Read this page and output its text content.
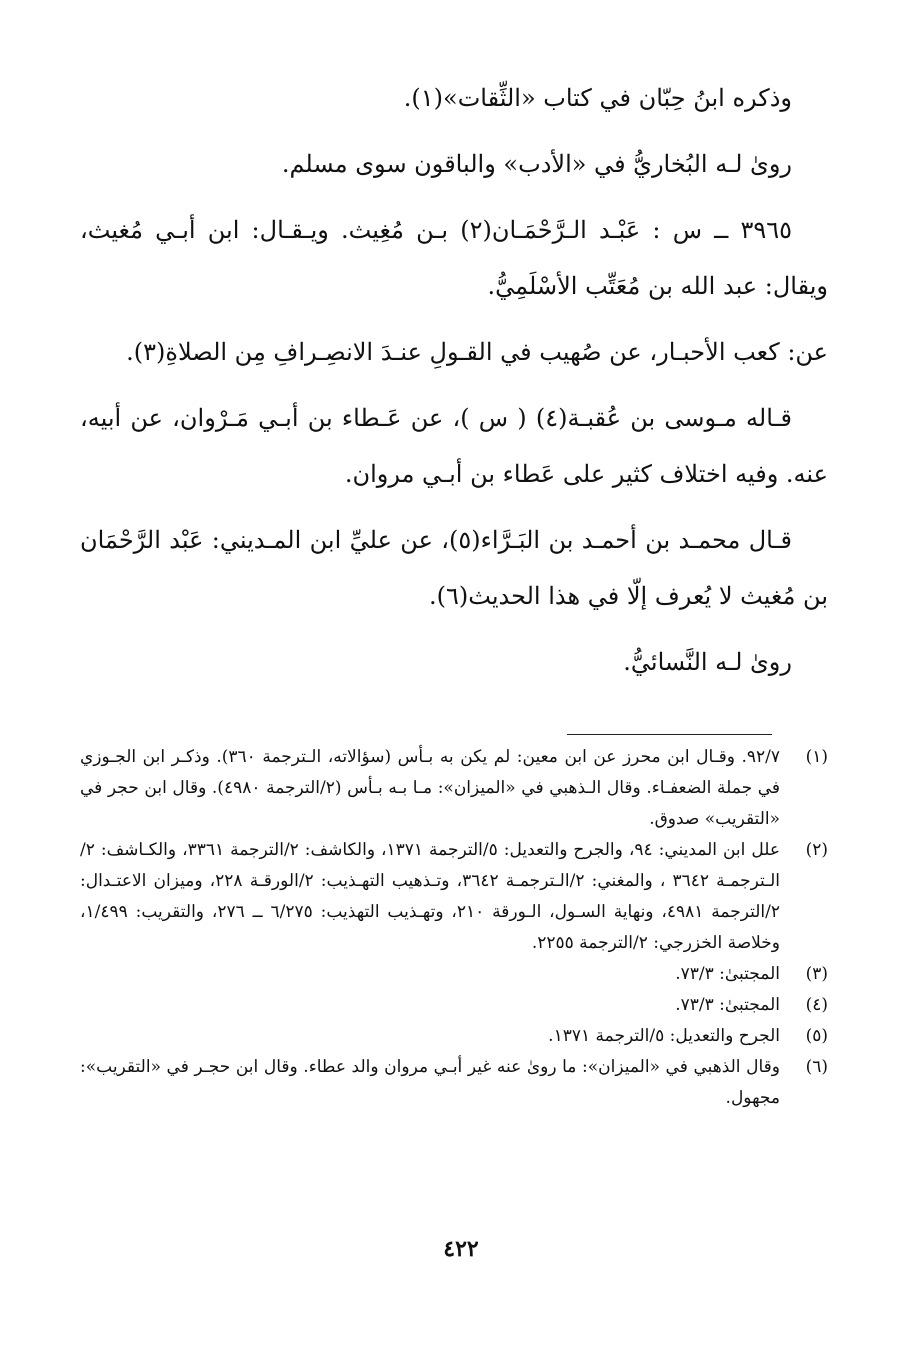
وذكره ابنُ حِبّان في كتاب «الثِّقات»(١).

روىٰ لـه البُخاريُّ في «الأدب» والباقون سوى مسلم.

٣٩٦٥ ــ س : عَبْـد الـرَّحْمَـان(٢) بـن مُغِيث. ويـقـال: ابن أبـي مُغيث، ويقال: عبد الله بن مُعَتِّب الأسْلَمِيُّ.

عن: كعب الأحبـار، عن صُهيب في القـولِ عنـدَ الانصِـرافِ مِن الصلاةِ(٣).

قـاله مـوسى بن عُقبـة(٤) ( س )، عن عَـطاء بن أبـي مَـرْوان، عن أبيه، عنه. وفيه اختلاف كثير على عَطاء بن أبـي مروان.

قـال محمـد بن أحمـد بن البَـرَّاء(٥)، عن عليِّ ابن المـديني: عَبْد الرَّحْمَان بن مُغيث لا يُعرف إلّا في هذا الحديث(٦).

روىٰ لـه النَّسائيُّ.

(١)
٩٢/٧. وقـال ابن محرز عن ابن معين: لم يكن به بـأس (سؤالاته، الـترجمة ٣٦٠). وذكـر ابن الجـوزي في جملة الضعفـاء. وقال الـذهبي في «الميزان»: مـا بـه بـأس (٢/الترجمة ٤٩٨٠). وقال ابن حجر في «التقريب» صدوق.
(٢)
علل ابن المديني: ٩٤، والجرح والتعديل: ٥/الترجمة ١٣٧١، والكاشف: ٢/الترجمة ٣٣٦١، والكـاشف: ٢/الـترجمـة ٣٦٤٢ ، والمغني: ٢/الـترجمـة ٣٦٤٢، وتـذهيب التهـذيب: ٢/الورقـة ٢٢٨، وميزان الاعتـدال: ٢/الترجمة ٤٩٨١، ونهاية السـول، الـورقة ٢١٠، وتهـذيب التهذيب: ٦/٢٧٥ ــ ٢٧٦، والتقريب: ١/٤٩٩، وخلاصة الخزرجي: ٢/الترجمة ٢٢٥٥.
(٣)
المجتبىٰ: ٧٣/٣.
(٤)
المجتبىٰ: ٧٣/٣.
(٥)
الجرح والتعديل: ٥/الترجمة ١٣٧١.
(٦)
وقال الذهبي في «الميزان»: ما روىٰ عنه غير أبـي مروان والد عطاء. وقال ابن حجـر في «التقريب»: مجهول.
٤٢٢
